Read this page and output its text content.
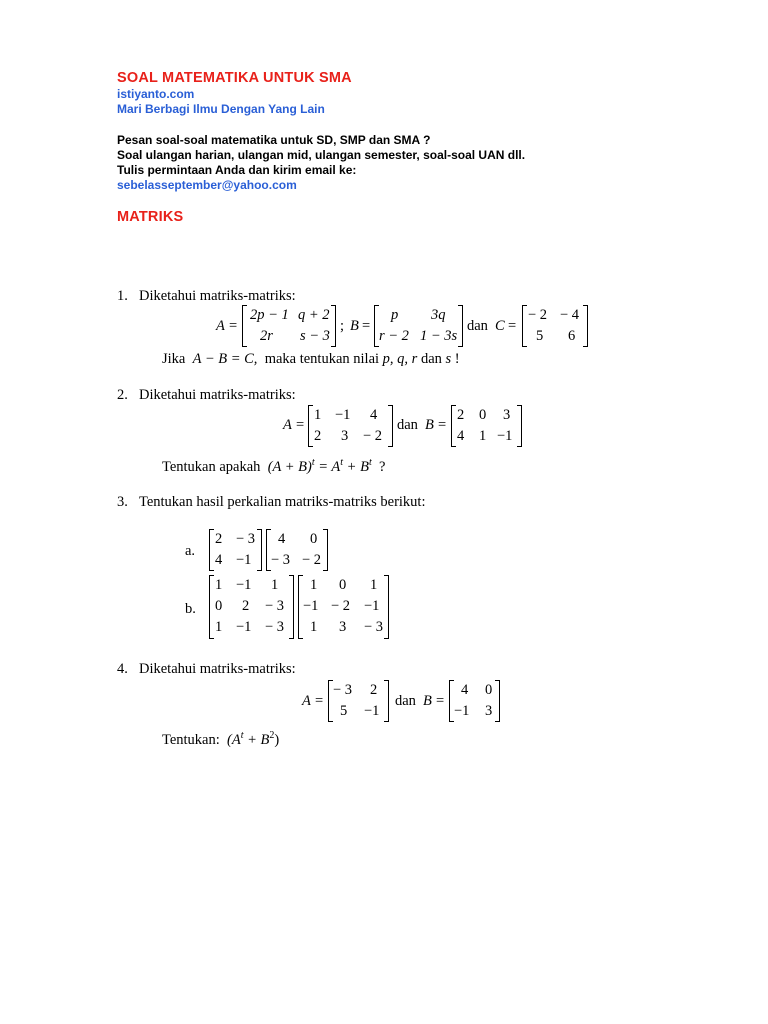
SOAL MATEMATIKA UNTUK SMA
istiyanto.com
Mari Berbagi Ilmu Dengan Yang Lain
Pesan soal-soal matematika untuk SD, SMP dan SMA ?
Soal ulangan harian, ulangan mid, ulangan semester, soal-soal UAN dll.
Tulis permintaan Anda dan kirim email ke:
sebelasseptember@yahoo.com
MATRIKS
1. Diketahui matriks-matriks:
A =
2p − 1 q + 2
2r s − 3
; B =
p 3q
r − 2 1 − 3s
dan C =
− 2 − 4
5 6
Jika A − B = C, maka tentukan nilai p, q, r dan s !
2. Diketahui matriks-matriks:
A =
1 −1 4
2 3 − 2
dan B =
2 0 3
4 1 −1
Tentukan apakah $(A + B)^t = A^t + B^t$ ?
3. Tentukan hasil perkalian matriks-matriks berikut:
a.
2 − 3
4 −1
4 0
− 3 − 2
b.
1 −1 1
0 2 − 3
1 −1 − 3
1 0 1
−1 − 2 −1
1 3 − 3
4. Diketahui matriks-matriks:
A =
− 3 2
5 −1
dan B =
4 0
−1 3
Tentukan: $(A^t + B^2)$
